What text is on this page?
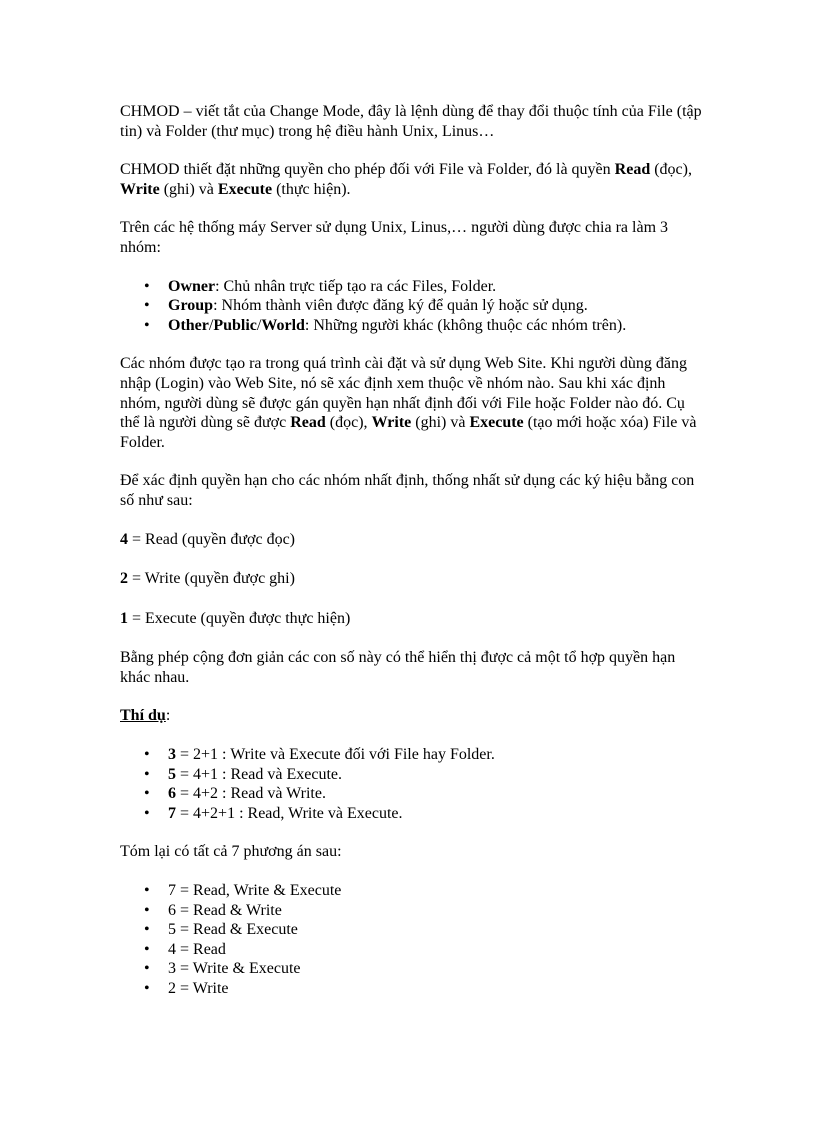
CHMOD – viết tắt của Change Mode, đây là lệnh dùng để thay đổi thuộc tính của File (tập tin) và Folder (thư mục) trong hệ điều hành Unix, Linus…

CHMOD thiết đặt những quyền cho phép đối với File và Folder, đó là quyền Read (đọc), Write (ghi) và Execute (thực hiện).

Trên các hệ thống máy Server sử dụng Unix, Linus,… người dùng được chia ra làm 3 nhóm:

• Owner: Chủ nhân trực tiếp tạo ra các Files, Folder.
• Group: Nhóm thành viên được đăng ký để quản lý hoặc sử dụng.
• Other/Public/World: Những người khác (không thuộc các nhóm trên).

Các nhóm được tạo ra trong quá trình cài đặt và sử dụng Web Site. Khi người dùng đăng nhập (Login) vào Web Site, nó sẽ xác định xem thuộc về nhóm nào. Sau khi xác định nhóm, người dùng sẽ được gán quyền hạn nhất định đối với File hoặc Folder nào đó. Cụ thể là người dùng sẽ được Read (đọc), Write (ghi) và Execute (tạo mới hoặc xóa) File và Folder.

Để xác định quyền hạn cho các nhóm nhất định, thống nhất sử dụng các ký hiệu bằng con số như sau:

4 = Read (quyền được đọc)

2 = Write (quyền được ghi)

1 = Execute (quyền được thực hiện)

Bằng phép cộng đơn giản các con số này có thể hiển thị được cả một tổ hợp quyền hạn khác nhau.

Thí dụ:

• 3 = 2+1 : Write và Execute đối với File hay Folder.
• 5 = 4+1 : Read và Execute.
• 6 = 4+2 : Read và Write.
• 7 = 4+2+1 : Read, Write và Execute.

Tóm lại có tất cả 7 phương án sau:

• 7 = Read, Write & Execute
• 6 = Read & Write
• 5 = Read & Execute
• 4 = Read
• 3 = Write & Execute
• 2 = Write
